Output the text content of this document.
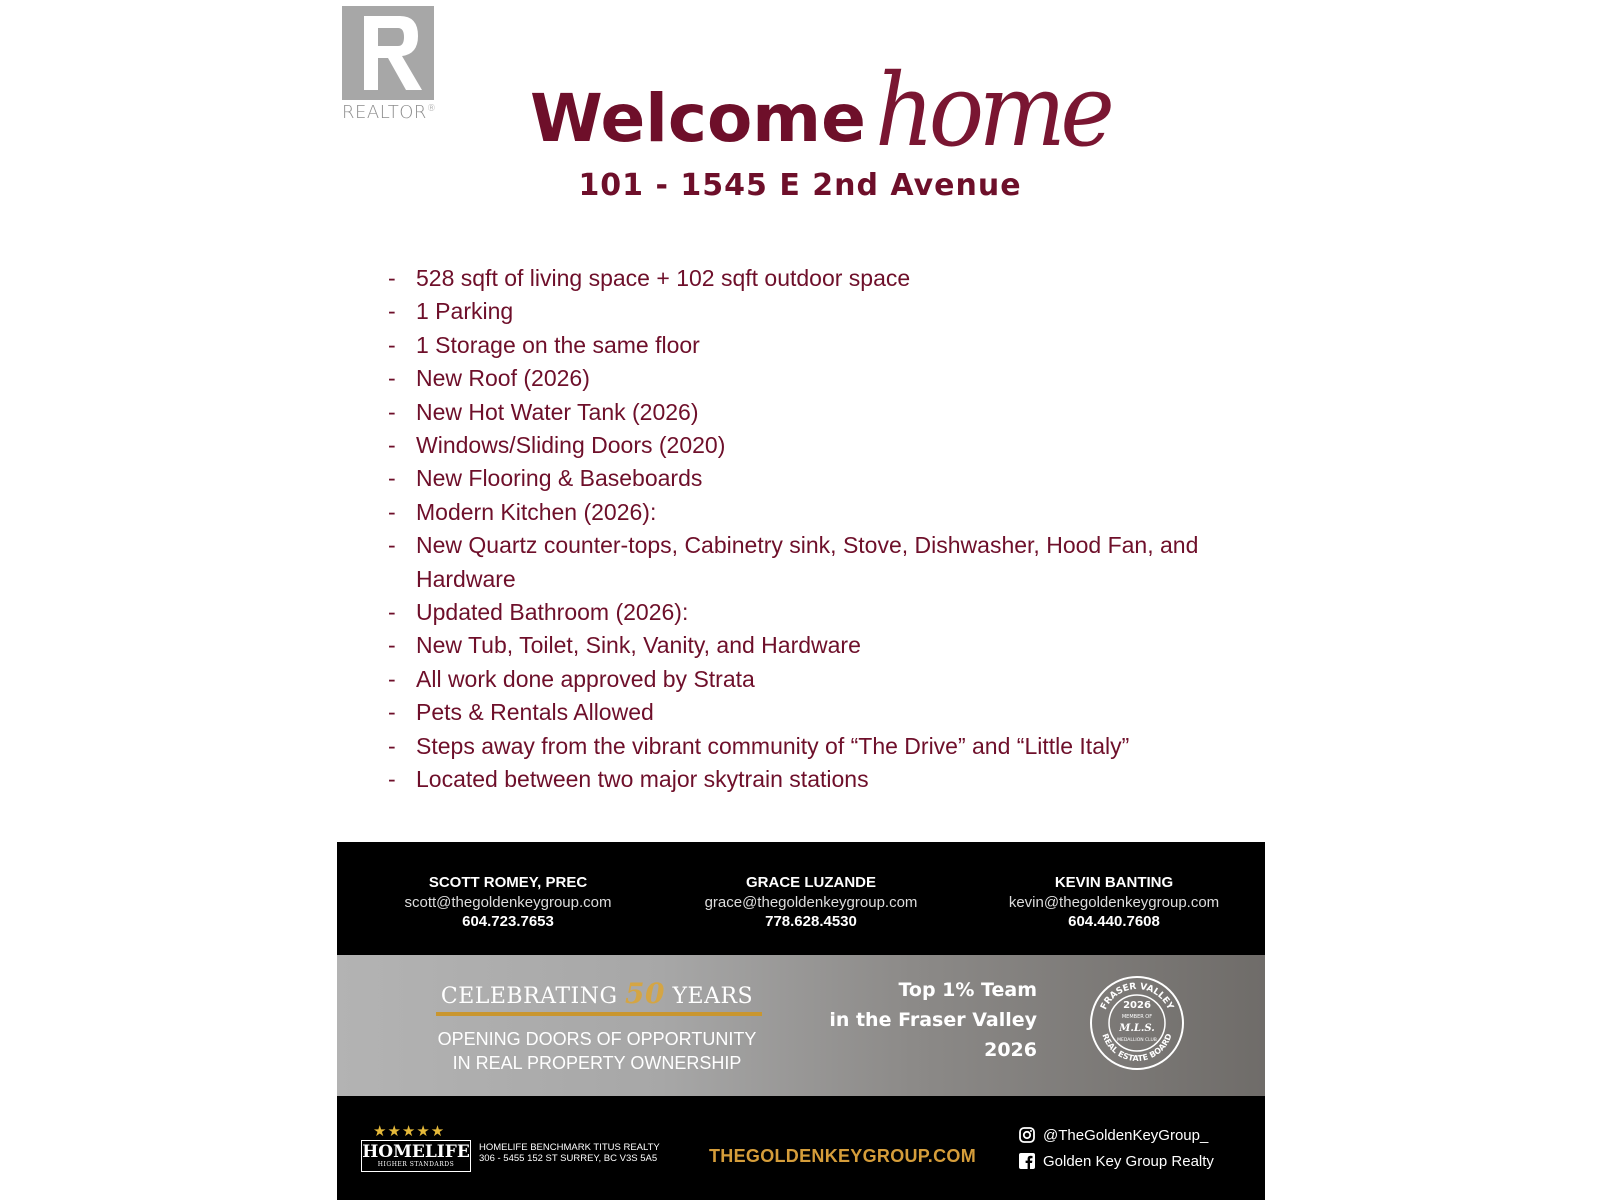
REALTOR® Welcome home
101 - 1545 E 2nd Avenue
- 528 sqft of living space + 102 sqft outdoor space
- 1 Parking
- 1 Storage on the same floor
- New Roof (2026)
- New Hot Water Tank (2026)
- Windows/Sliding Doors (2020)
- New Flooring & Baseboards
- Modern Kitchen (2026):
- New Quartz counter-tops, Cabinetry sink, Stove, Dishwasher, Hood Fan, and Hardware
- Updated Bathroom (2026):
- New Tub, Toilet, Sink, Vanity, and Hardware
- All work done approved by Strata
- Pets & Rentals Allowed
- Steps away from the vibrant community of “The Drive” and “Little Italy”
- Located between two major skytrain stations
SCOTT ROMEY, PREC
scott@thegoldenkeygroup.com
604.723.7653
GRACE LUZANDE
grace@thegoldenkeygroup.com
778.628.4530
KEVIN BANTING
kevin@thegoldenkeygroup.com
604.440.7608
CELEBRATING 50 YEARS
OPENING DOORS OF OPPORTUNITY
IN REAL PROPERTY OWNERSHIP
Top 1% Team
in the Fraser Valley
2026
FRASER VALLEY
REAL ESTATE BOARD
2026
MEMBER OF
M.L.S.
MEDALLION CLUB
★★★★★
HOMELIFE
HIGHER STANDARDS
HOMELIFE BENCHMARK TITUS REALTY
306 - 5455 152 ST SURREY, BC V3S 5A5	THEGOLDENKEYGROUP.COM
@TheGoldenKeyGroup_
Golden Key Group Realty
